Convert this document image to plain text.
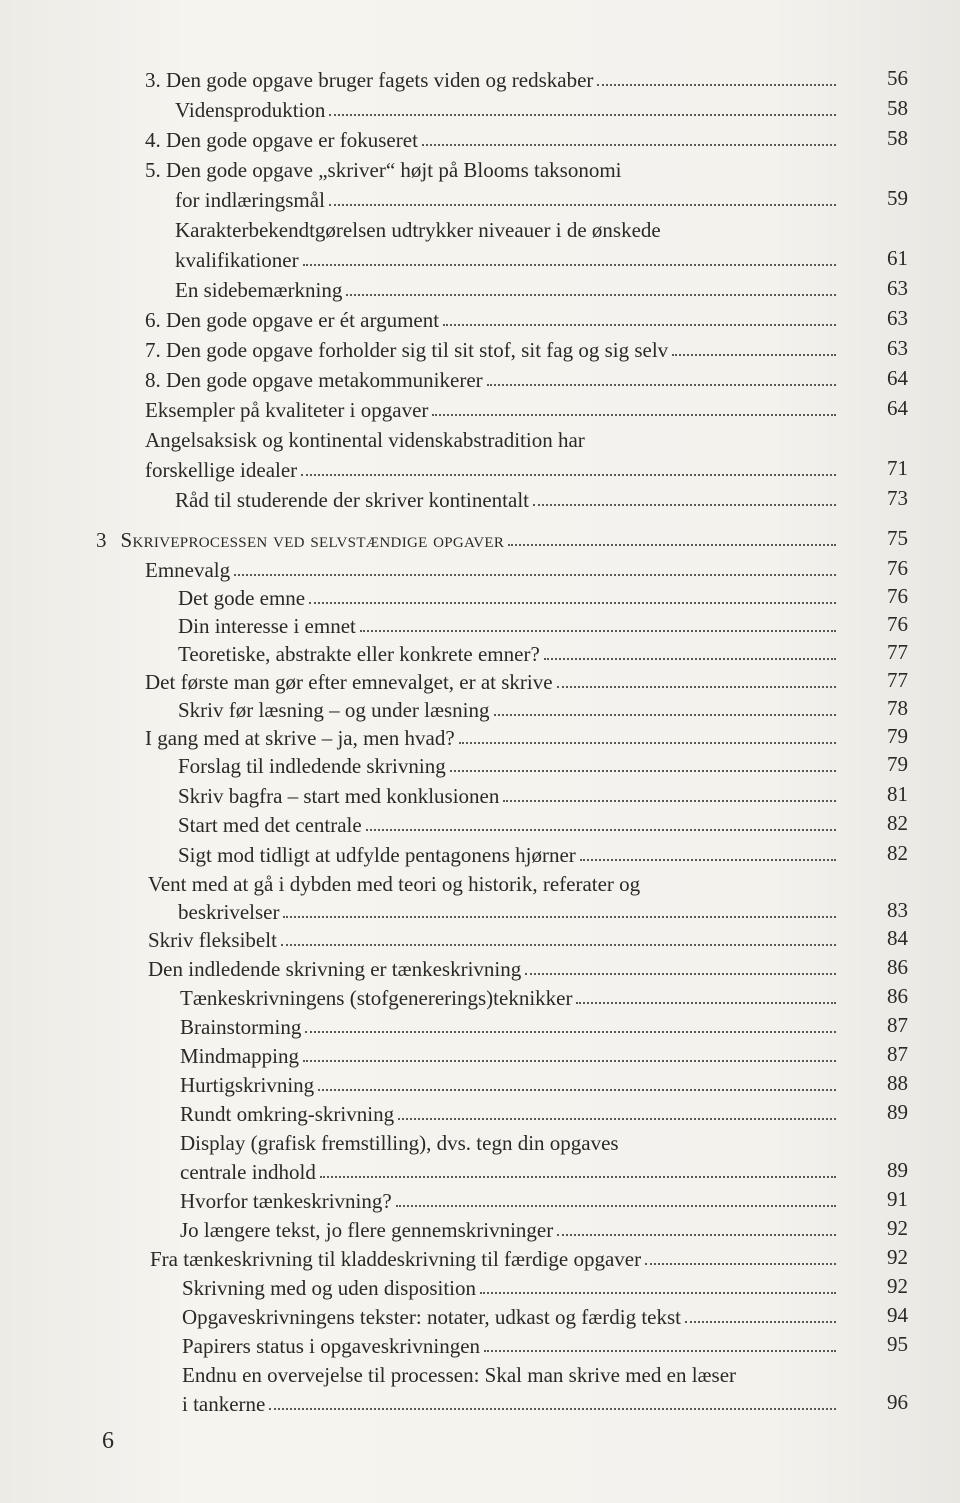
3. Den gode opgave bruger fagets viden og redskaber	56
Vidensproduktion	58
4. Den gode opgave er fokuseret	58
5. Den gode opgave „skriver“ højt på Blooms taksonomi
for indlæringsmål	59
Karakterbekendtgørelsen udtrykker niveauer i de ønskede
kvalifikationer	61
En sidebemærkning	63
6. Den gode opgave er ét argument	63
7. Den gode opgave forholder sig til sit stof, sit fag og sig selv	63
8. Den gode opgave metakommunikerer	64
Eksempler på kvaliteter i opgaver	64
Angelsaksisk og kontinental videnskabstradition har
forskellige idealer	71
Råd til studerende der skriver kontinentalt	73
3 Skriveprocessen ved selvstændige opgaver	75
Emnevalg	76
Det gode emne	76
Din interesse i emnet	76
Teoretiske, abstrakte eller konkrete emner?	77
Det første man gør efter emnevalget, er at skrive	77
Skriv før læsning – og under læsning	78
I gang med at skrive – ja, men hvad?	79
Forslag til indledende skrivning	79
Skriv bagfra – start med konklusionen	81
Start med det centrale	82
Sigt mod tidligt at udfylde pentagonens hjørner	82
Vent med at gå i dybden med teori og historik, referater og
beskrivelser	83
Skriv fleksibelt	84
Den indledende skrivning er tænkeskrivning	86
Tænkeskrivningens (stofgenererings)teknikker	86
Brainstorming	87
Mindmapping	87
Hurtigskrivning	88
Rundt omkring-skrivning	89
Display (grafisk fremstilling), dvs. tegn din opgaves
centrale indhold	89
Hvorfor tænkeskrivning?	91
Jo længere tekst, jo flere gennemskrivninger	92
Fra tænkeskrivning til kladdeskrivning til færdige opgaver	92
Skrivning med og uden disposition	92
Opgaveskrivningens tekster: notater, udkast og færdig tekst	94
Papirers status i opgaveskrivningen	95
Endnu en overvejelse til processen: Skal man skrive med en læser
i tankerne	96
6
